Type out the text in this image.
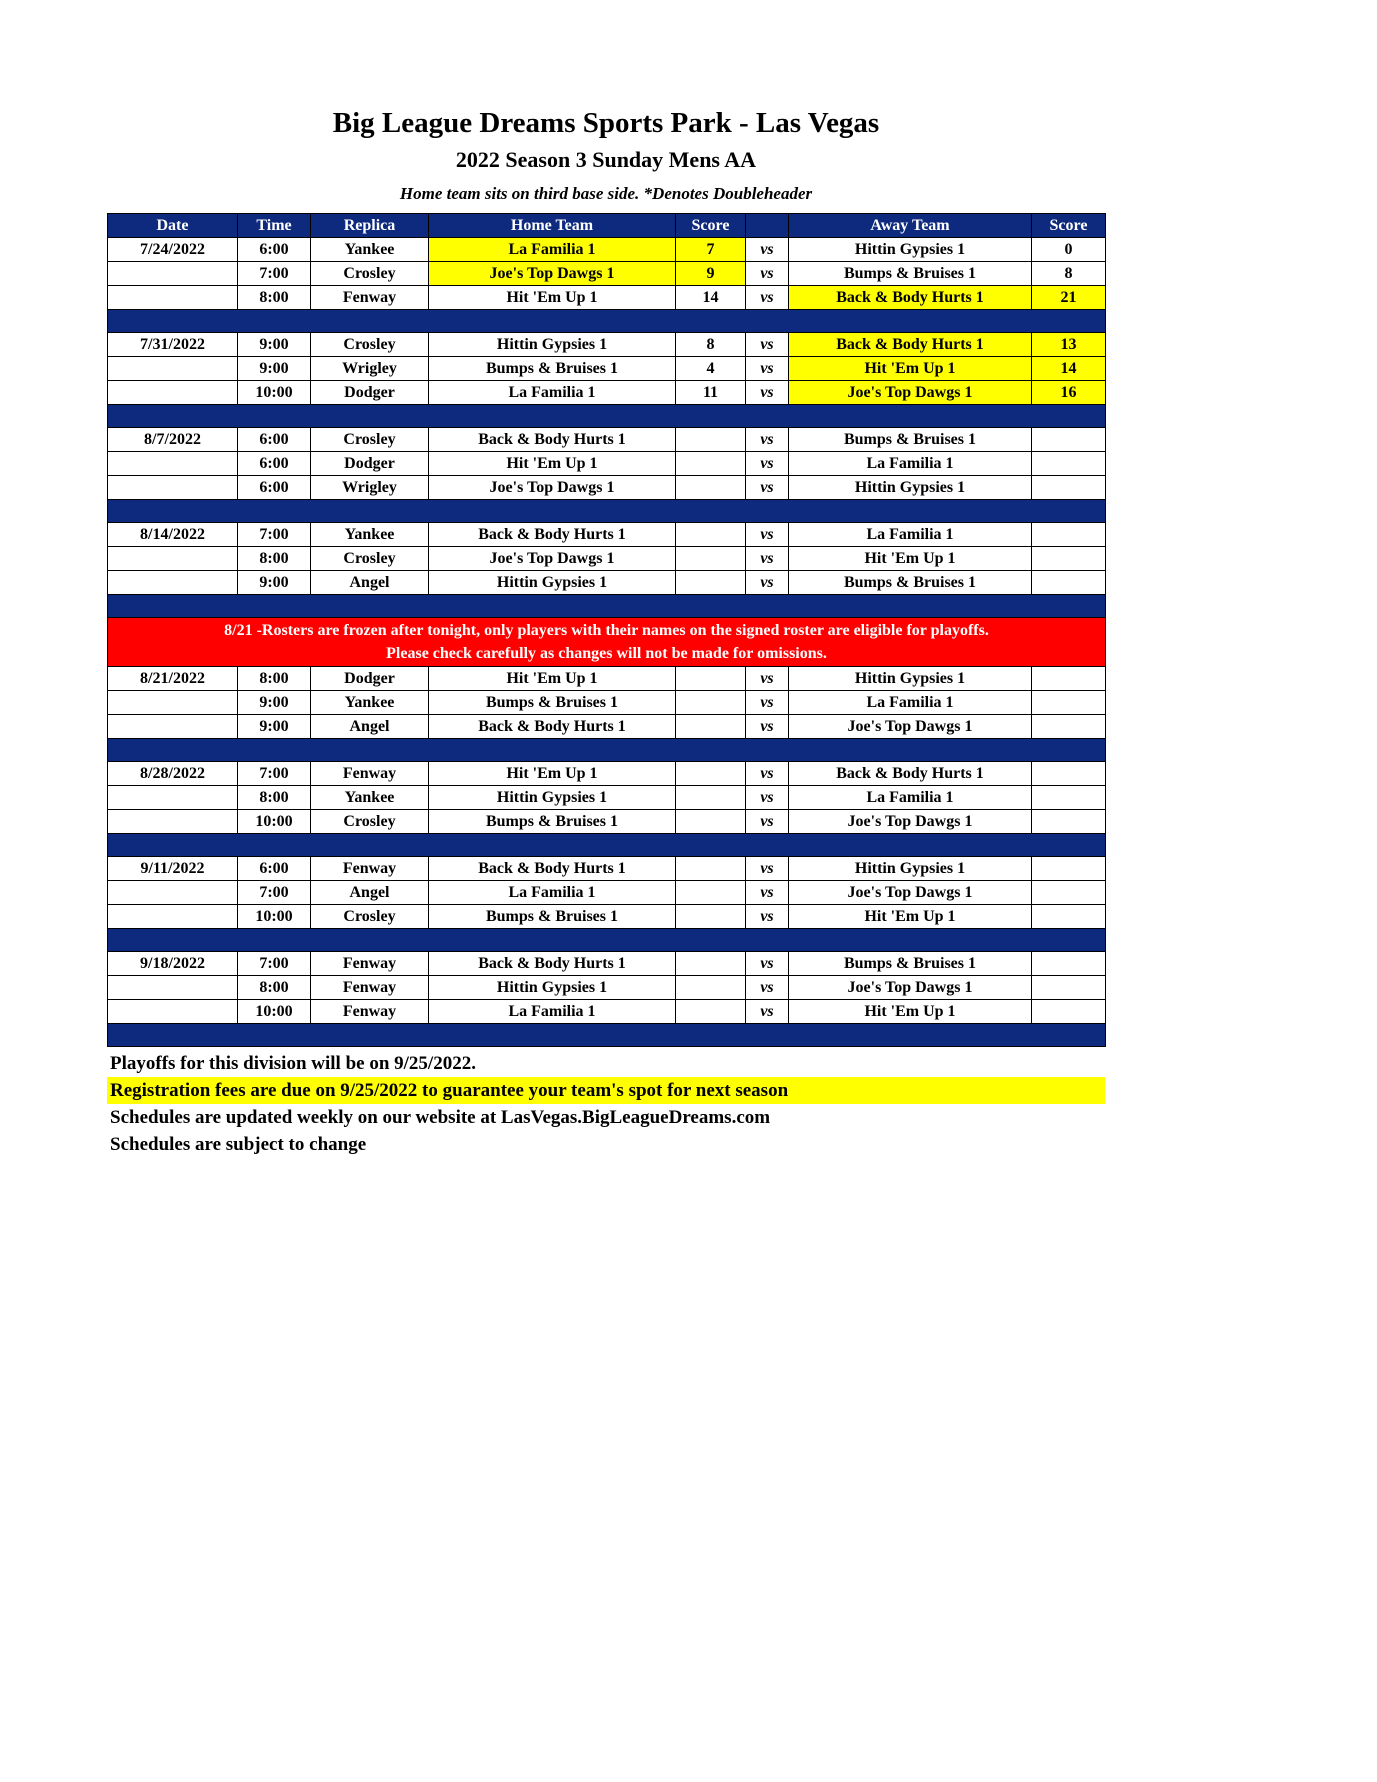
Big League Dreams Sports Park - Las Vegas
2022 Season 3 Sunday Mens AA
Home team sits on third base side. *Denotes Doubleheader
Date	Time	Replica	Home Team	Score		Away Team	Score
7/24/2022	6:00	Yankee	La Familia 1	7	vs	Hittin Gypsies 1	0
	7:00	Crosley	Joe's Top Dawgs 1	9	vs	Bumps & Bruises 1	8
	8:00	Fenway	Hit 'Em Up 1	14	vs	Back & Body Hurts 1	21

7/31/2022	9:00	Crosley	Hittin Gypsies 1	8	vs	Back & Body Hurts 1	13
	9:00	Wrigley	Bumps & Bruises 1	4	vs	Hit 'Em Up 1	14
	10:00	Dodger	La Familia 1	11	vs	Joe's Top Dawgs 1	16

8/7/2022	6:00	Crosley	Back & Body Hurts 1		vs	Bumps & Bruises 1	
	6:00	Dodger	Hit 'Em Up 1		vs	La Familia 1	
	6:00	Wrigley	Joe's Top Dawgs 1		vs	Hittin Gypsies 1	

8/14/2022	7:00	Yankee	Back & Body Hurts 1		vs	La Familia 1	
	8:00	Crosley	Joe's Top Dawgs 1		vs	Hit 'Em Up 1	
	9:00	Angel	Hittin Gypsies 1		vs	Bumps & Bruises 1	

8/21 -Rosters are frozen after tonight, only players with their names on the signed roster are eligible for playoffs.
Please check carefully as changes will not be made for omissions.							

8/21/2022	8:00	Dodger	Hit 'Em Up 1		vs	Hittin Gypsies 1	
	9:00	Yankee	Bumps & Bruises 1		vs	La Familia 1	
	9:00	Angel	Back & Body Hurts 1		vs	Joe's Top Dawgs 1	

8/28/2022	7:00	Fenway	Hit 'Em Up 1		vs	Back & Body Hurts 1	
	8:00	Yankee	Hittin Gypsies 1		vs	La Familia 1	
	10:00	Crosley	Bumps & Bruises 1		vs	Joe's Top Dawgs 1	

9/11/2022	6:00	Fenway	Back & Body Hurts 1		vs	Hittin Gypsies 1	
	7:00	Angel	La Familia 1		vs	Joe's Top Dawgs 1	
	10:00	Crosley	Bumps & Bruises 1		vs	Hit 'Em Up 1	

9/18/2022	7:00	Fenway	Back & Body Hurts 1		vs	Bumps & Bruises 1	
	8:00	Fenway	Hittin Gypsies 1		vs	Joe's Top Dawgs 1	
	10:00	Fenway	La Familia 1		vs	Hit 'Em Up 1	

Playoffs for this division will be on 9/25/2022.
Registration fees are due on 9/25/2022 to guarantee your team's spot for next season
Schedules are updated weekly on our website at LasVegas.BigLeagueDreams.com
Schedules are subject to change
